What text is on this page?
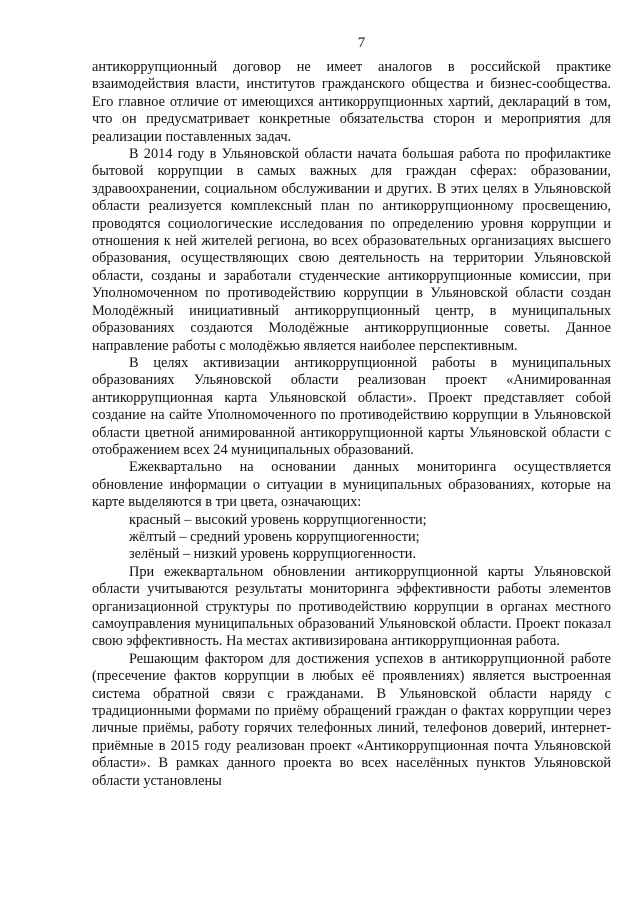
7

антикоррупционный договор не имеет аналогов в российской практике взаимодействия власти, институтов гражданского общества и бизнес-сообщества. Его главное отличие от имеющихся антикоррупционных хартий, деклараций в том, что он предусматривает конкретные обязательства сторон и мероприятия для реализации поставленных задач.

В 2014 году в Ульяновской области начата большая работа по профилактике бытовой коррупции в самых важных для граждан сферах: образовании, здравоохранении, социальном обслуживании и других. В этих целях в Ульяновской области реализуется комплексный план по антикоррупционному просвещению, проводятся социологические исследования по определению уровня коррупции и отношения к ней жителей региона, во всех образовательных организациях высшего образования, осуществляющих свою деятельность на территории Ульяновской области, созданы и заработали студенческие антикоррупционные комиссии, при Уполномоченном по противодействию коррупции в Ульяновской области создан Молодёжный инициативный антикоррупционный центр, в муниципальных образованиях создаются Молодёжные антикоррупционные советы. Данное направление работы с молодёжью является наиболее перспективным.

В целях активизации антикоррупционной работы в муниципальных образованиях Ульяновской области реализован проект «Анимированная антикоррупционная карта Ульяновской области». Проект представляет собой создание на сайте Уполномоченного по противодействию коррупции в Ульяновской области цветной анимированной антикоррупционной карты Ульяновской области с отображением всех 24 муниципальных образований.

Ежеквартально на основании данных мониторинга осуществляется обновление информации о ситуации в муниципальных образованиях, которые на карте выделяются в три цвета, означающих:

красный – высокий уровень коррупциогенности;

жёлтый – средний уровень коррупциогенности;

зелёный – низкий уровень коррупциогенности.

При ежеквартальном обновлении антикоррупционной карты Ульяновской области учитываются результаты мониторинга эффективности работы элементов организационной структуры по противодействию коррупции в органах местного самоуправления муниципальных образований Ульяновской области. Проект показал свою эффективность. На местах активизирована антикоррупционная работа.

Решающим фактором для достижения успехов в антикоррупционной работе (пресечение фактов коррупции в любых её проявлениях) является выстроенная система обратной связи с гражданами. В Ульяновской области наряду с традиционными формами по приёму обращений граждан о фактах коррупции через личные приёмы, работу горячих телефонных линий, телефонов доверий, интернет-приёмные в 2015 году реализован проект «Антикоррупционная почта Ульяновской области». В рамках данного проекта во всех населённых пунктов Ульяновской области установлены
